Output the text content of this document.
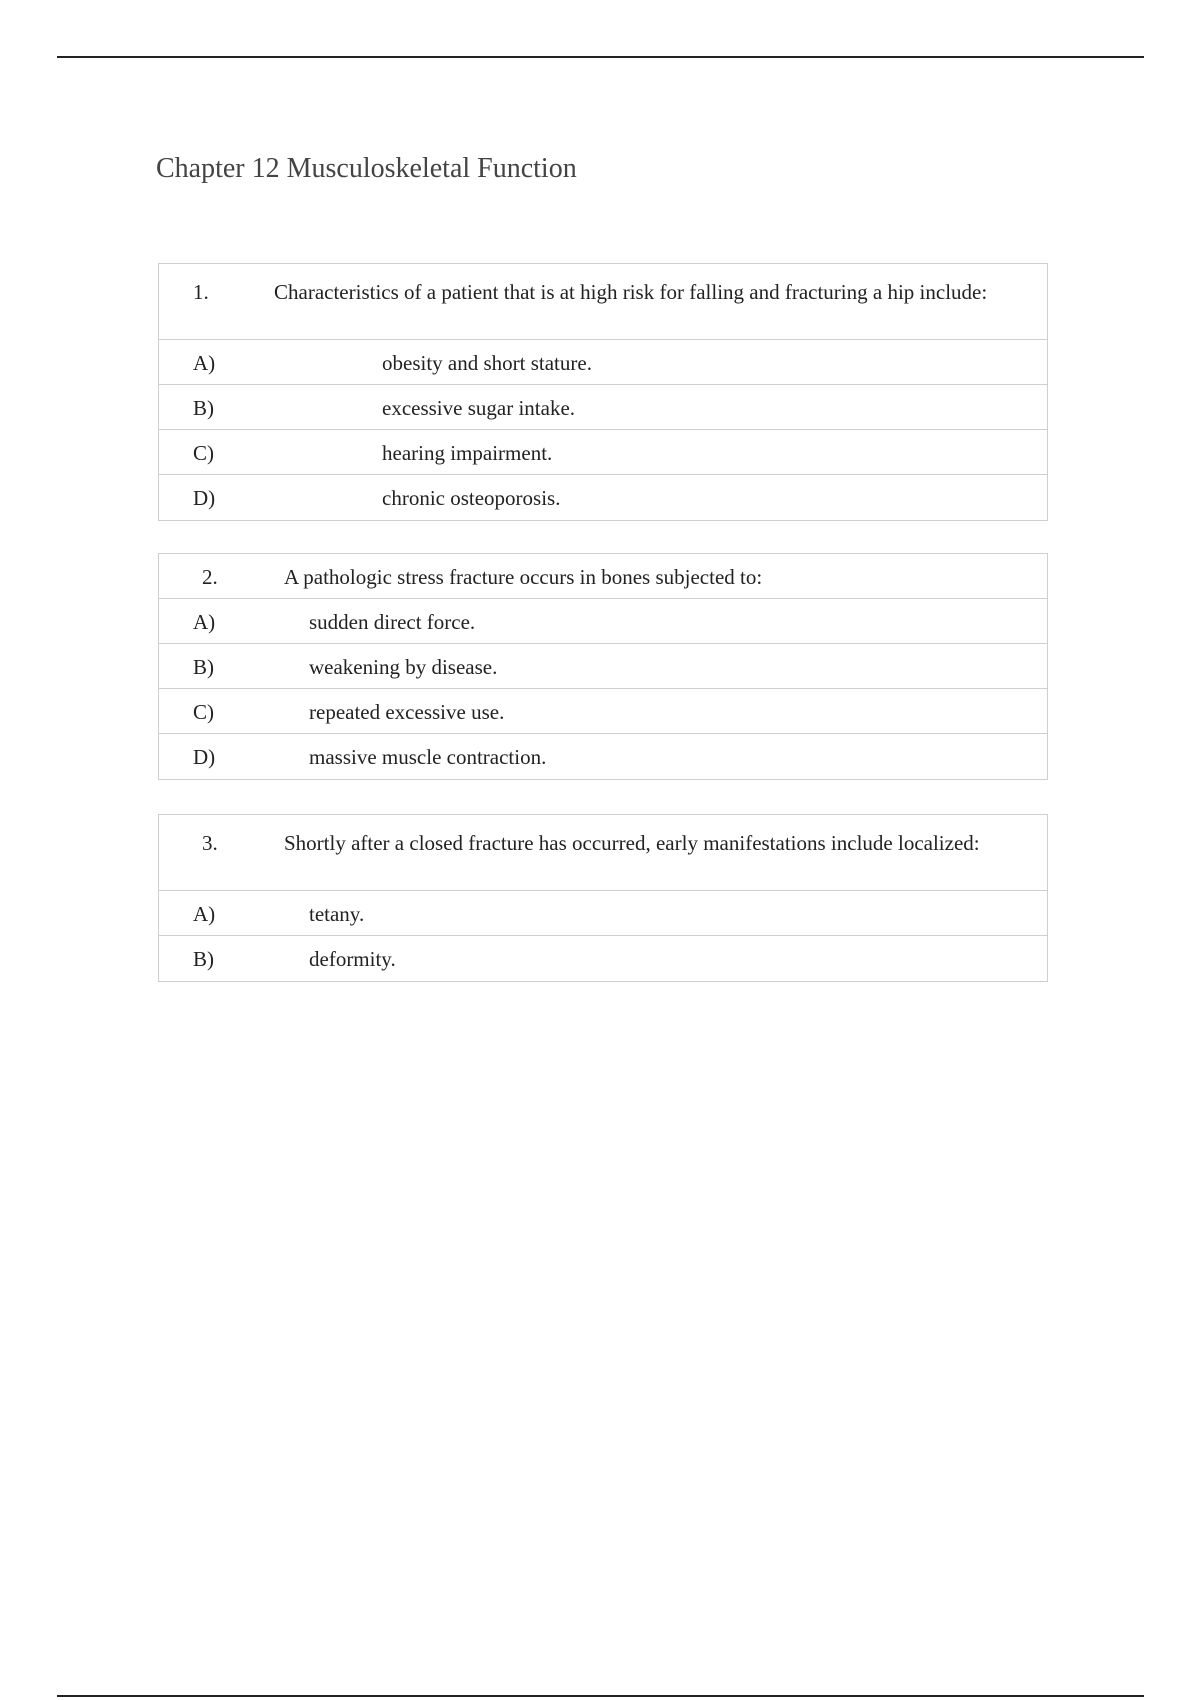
Chapter 12 Musculoskeletal Function
1.	Characteristics of a patient that is at high risk for falling and fracturing a hip include:
A)	obesity and short stature.
B)	excessive sugar intake.
C)	hearing impairment.
D)	chronic osteoporosis.
2.	A pathologic stress fracture occurs in bones subjected to:
A)	sudden direct force.
B)	weakening by disease.
C)	repeated excessive use.
D)	massive muscle contraction.
3.	Shortly after a closed fracture has occurred, early manifestations include localized:
A)	tetany.
B)	deformity.
